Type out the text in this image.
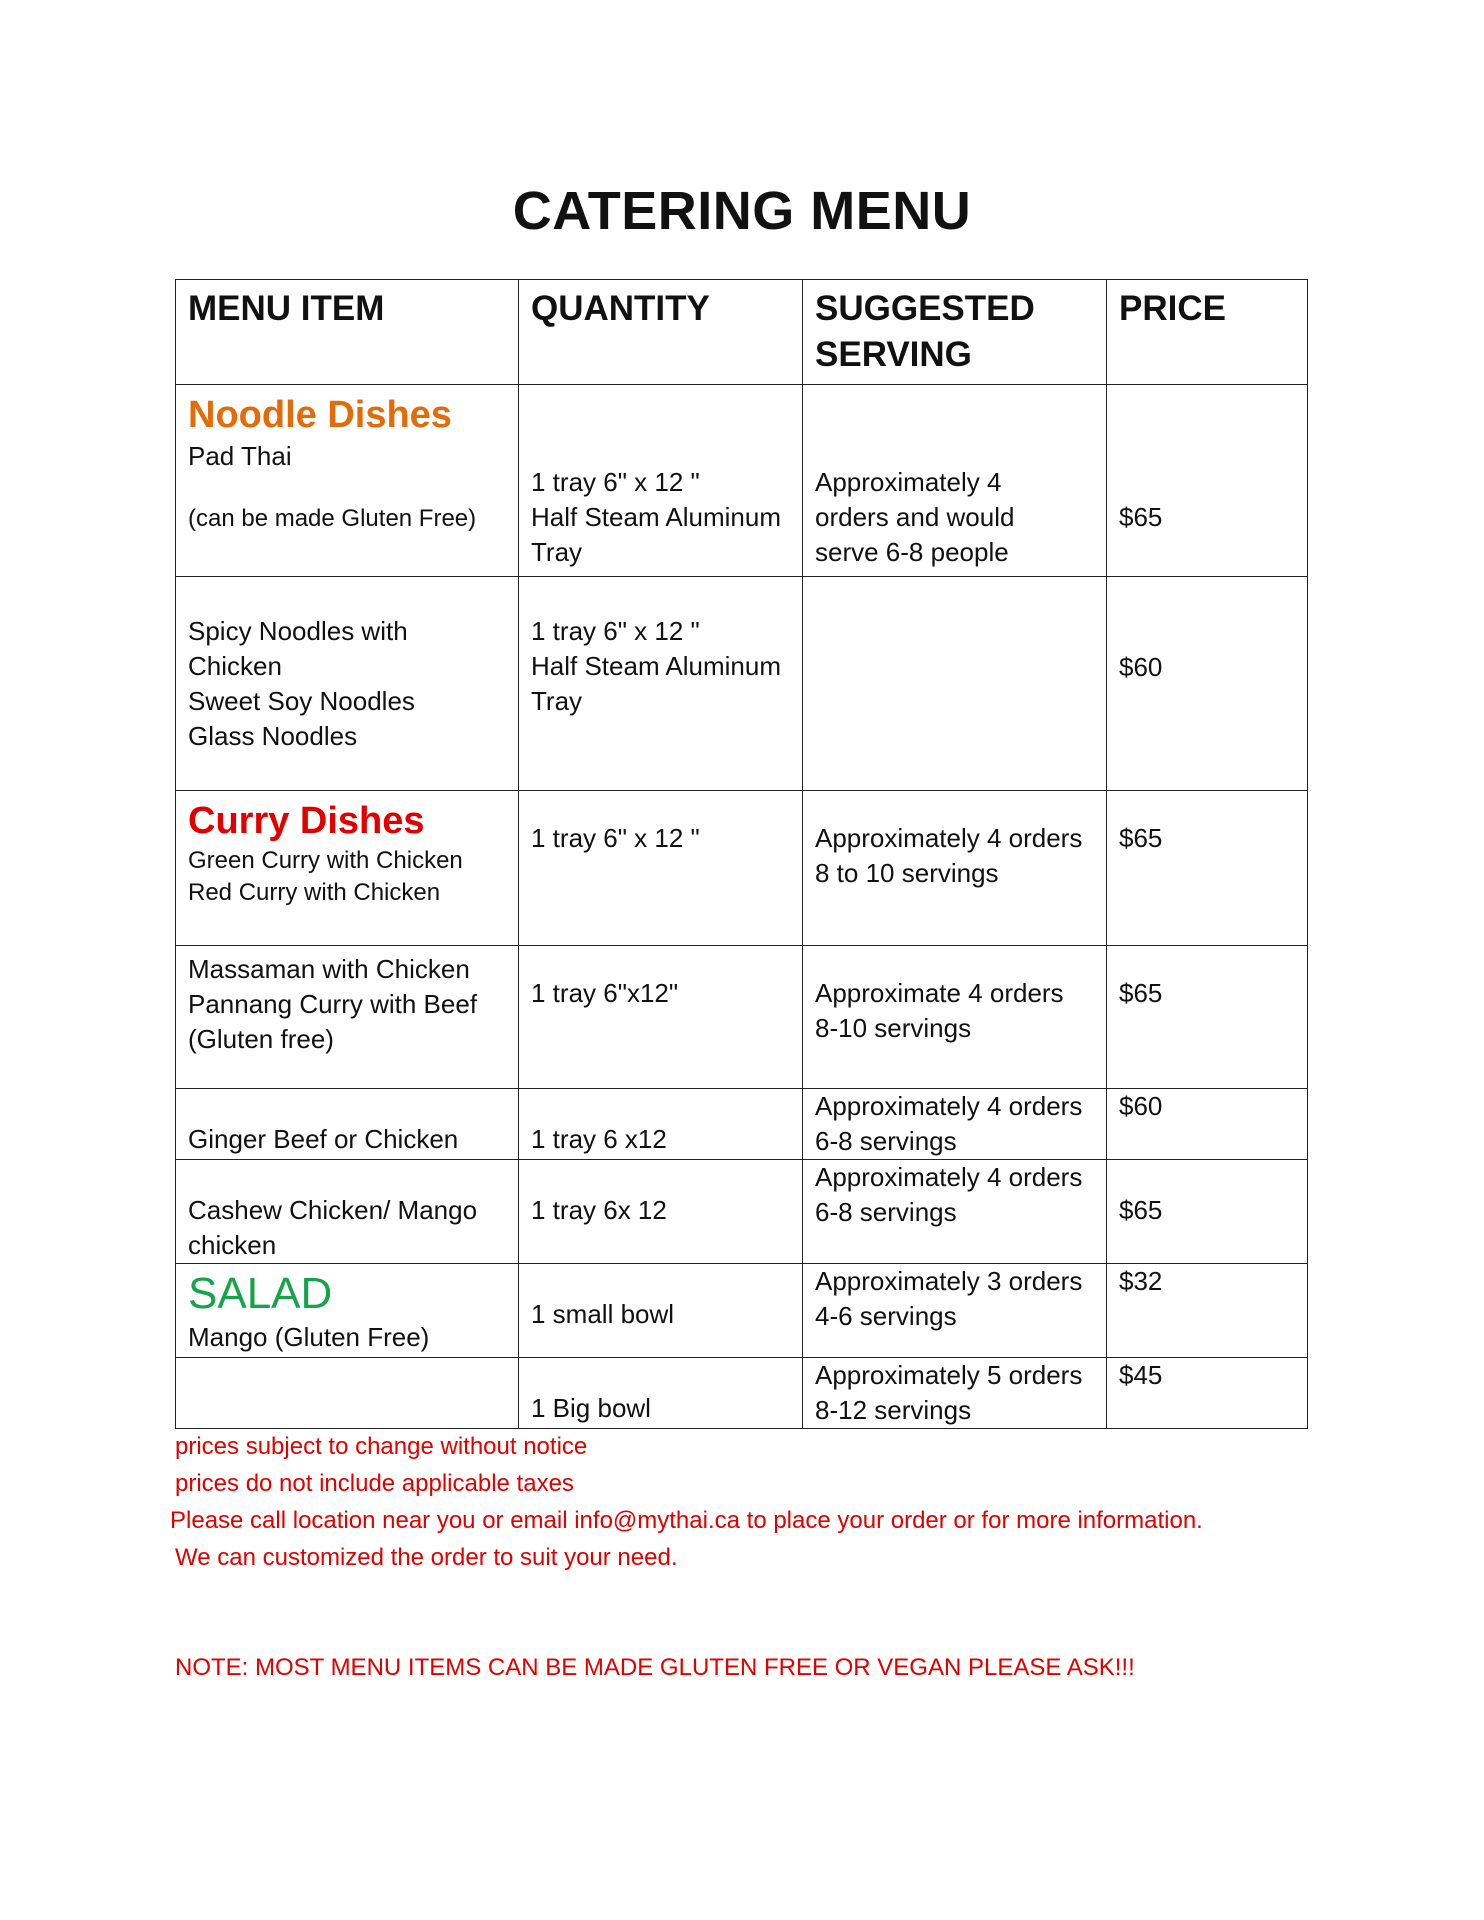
CATERING MENU
MENU ITEM	QUANTITY	SUGGESTED SERVING	PRICE

Noodle Dishes
Pad Thai
(can be made Gluten Free)	1 tray 6" x 12 "
Half Steam Aluminum
Tray	Approximately 4
orders and would
serve 6-8 people	$65

Spicy Noodles with
Chicken
Sweet Soy Noodles
Glass Noodles	1 tray 6" x 12 "
Half Steam Aluminum
Tray		$60

Curry Dishes
Green Curry with Chicken
Red Curry with Chicken	1 tray 6" x 12 "	Approximately 4 orders
8 to 10 servings	$65

Massaman with Chicken
Pannang Curry with Beef
(Gluten free)	1 tray 6"x12"	Approximate 4 orders
8-10 servings	$65

Ginger Beef or Chicken	1 tray 6 x12	Approximately 4 orders
6-8 servings	$60

Cashew Chicken/ Mango
chicken	1 tray 6x 12	Approximately 4 orders
6-8 servings	$65

SALAD
Mango (Gluten Free)	1 small bowl	Approximately 3 orders
4-6 servings	$32

	1 Big bowl	Approximately 5 orders
8-12 servings	$45
prices subject to change without notice
prices do not include applicable taxes
Please call location near you or email info@mythai.ca to place your order or for more information.
We can customized the order to suit your need.
NOTE: MOST MENU ITEMS CAN BE MADE GLUTEN FREE OR VEGAN PLEASE ASK!!!
